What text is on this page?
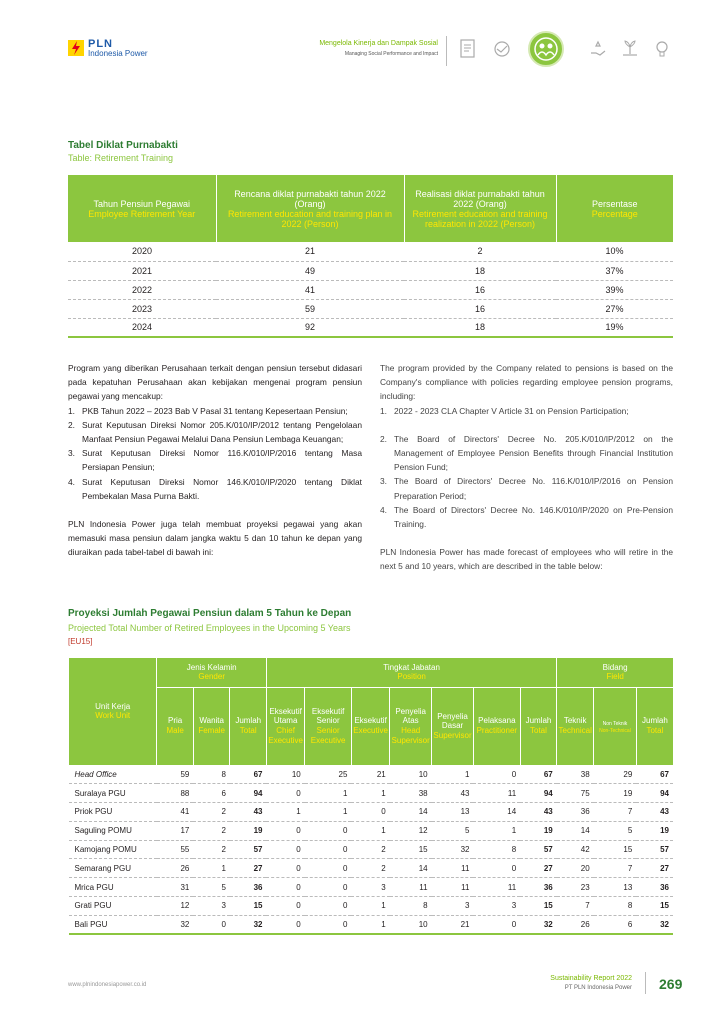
PLN
Indonesia Power
Mengelola Kinerja dan Dampak Sosial
Managing Social Performance and Impact
Tabel Diklat Purnabakti
Table: Retirement Training
Tahun Pensiun Pegawai
Employee Retirement Year	Rencana diklat purnabakti tahun 2022 (Orang)
Retirement education and training plan in 2022 (Person)	Realisasi diklat purnabakti tahun 2022 (Orang)
Retirement education and training realization in 2022 (Person)	Persentase
Percentage

2020	21	2	10%
2021	49	18	37%
2022	41	16	39%
2023	59	16	27%
2024	92	18	19%

Program yang diberikan Perusahaan terkait dengan pensiun tersebut didasari pada kepatuhan Perusahaan akan kebijakan mengenai program pensiun pegawai yang mencakup:

1. PKB Tahun 2022 – 2023 Bab V Pasal 31 tentang Kepesertaan Pensiun;
2. Surat Keputusan Direksi Nomor 205.K/010/IP/2012 tentang Pengelolaan Manfaat Pensiun Pegawai Melalui Dana Pensiun Lembaga Keuangan;
3. Surat Keputusan Direksi Nomor 116.K/010/IP/2016 tentang Masa Persiapan Pensiun;
4. Surat Keputusan Direksi Nomor 146.K/010/IP/2020 tentang Diklat Pembekalan Masa Purna Bakti.

PLN Indonesia Power juga telah membuat proyeksi pegawai yang akan memasuki masa pensiun dalam jangka waktu 5 dan 10 tahun ke depan yang diuraikan pada tabel-tabel di bawah ini:

The program provided by the Company related to pensions is based on the Company's compliance with policies regarding employee pension programs, including:

1. 2022 - 2023 CLA Chapter V Article 31 on Pension Participation;
2. The Board of Directors' Decree No. 205.K/010/IP/2012 on the Management of Employee Pension Benefits through Financial Institution Pension Fund;
3. The Board of Directors' Decree No. 116.K/010/IP/2016 on Pension Preparation Period;
4. The Board of Directors' Decree No. 146.K/010/IP/2020 on Pre-Pension Training.

PLN Indonesia Power has made forecast of employees who will retire in the next 5 and 10 years, which are described in the table below:

Proyeksi Jumlah Pegawai Pensiun dalam 5 Tahun ke Depan
Projected Total Number of Retired Employees in the Upcoming 5 Years
[EU15]
Unit Kerja
Work Unit	Jenis Kelamin
Gender			Tingkat Jabatan
Position							Bidang
Field		

	Pria
Male	Wanita
Female	Jumlah
Total	Eksekutif Utama
Chief Executive	Eksekutif Senior
Senior Executive	Eksekutif
Executive	Penyelia Atas
Head Supervisor	Penyelia Dasar
Supervisor	Pelaksana
Practitioner	Jumlah
Total	Teknik
Technical	Non Teknik
Non-Technical	Jumlah
Total

Head Office	59	8	67	10	25	21	10	1	0	67	38	29	67
Suralaya PGU	88	6	94	0	1	1	38	43	11	94	75	19	94
Priok PGU	41	2	43	1	1	0	14	13	14	43	36	7	43
Saguling POMU	17	2	19	0	0	1	12	5	1	19	14	5	19
Kamojang POMU	55	2	57	0	0	2	15	32	8	57	42	15	57
Semarang PGU	26	1	27	0	0	2	14	11	0	27	20	7	27
Mrica PGU	31	5	36	0	0	3	11	11	11	36	23	13	36
Grati PGU	12	3	15	0	0	1	8	3	3	15	7	8	15
Bali PGU	32	0	32	0	0	1	10	21	0	32	26	6	32
www.plnindonesiapower.co.id
Sustainability Report 2022
PT PLN Indonesia Power 269
